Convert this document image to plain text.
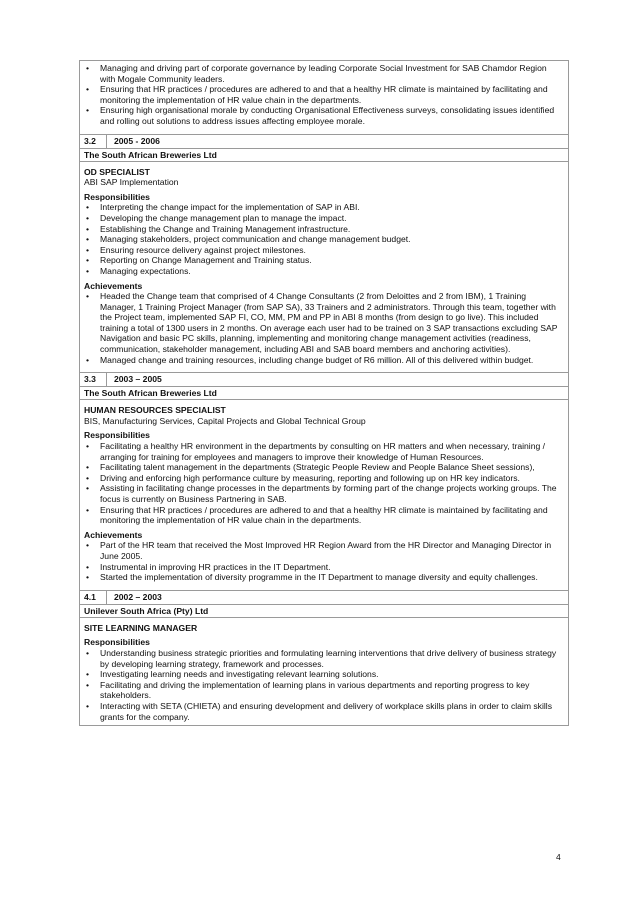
• Managing and driving part of corporate governance by leading Corporate Social Investment for SAB Chamdor Region with Mogale Community leaders.
• Ensuring that HR practices / procedures are adhered to and that a healthy HR climate is maintained by facilitating and monitoring the implementation of HR value chain in the departments.
• Ensuring high organisational morale by conducting Organisational Effectiveness surveys, consolidating issues identified and rolling out solutions to address issues affecting employee morale.
3.2	2005 - 2006
The South African Breweries Ltd
OD SPECIALIST
ABI SAP Implementation
Responsibilities
• Interpreting the change impact for the implementation of SAP in ABI.
• Developing the change management plan to manage the impact.
• Establishing the Change and Training Management infrastructure.
• Managing stakeholders, project communication and change management budget.
• Ensuring resource delivery against project milestones.
• Reporting on Change Management and Training status.
• Managing expectations.
Achievements
• Headed the Change team that comprised of 4 Change Consultants (2 from Deloittes and 2 from IBM), 1 Training Manager, 1 Training Project Manager (from SAP SA), 33 Trainers and 2 administrators. Through this team, together with the Project team, implemented SAP FI, CO, MM, PM and PP in ABI 8 months (from design to go live). This included training a total of 1300 users in 2 months. On average each user had to be trained on 3 SAP transactions excluding SAP Navigation and basic PC skills, planning, implementing and monitoring change management activities (readiness, communication, stakeholder management, including ABI and SAB board members and anchoring activities).
• Managed change and training resources, including change budget of R6 million. All of this delivered within budget.
3.3	2003 – 2005
The South African Breweries Ltd
HUMAN RESOURCES SPECIALIST
BIS, Manufacturing Services, Capital Projects and Global Technical Group
Responsibilities
• Facilitating a healthy HR environment in the departments by consulting on HR matters and when necessary, training / arranging for training for employees and managers to improve their knowledge of Human Resources.
• Facilitating talent management in the departments (Strategic People Review and People Balance Sheet sessions),
• Driving and enforcing high performance culture by measuring, reporting and following up on HR key indicators.
• Assisting in facilitating change processes in the departments by forming part of the change projects working groups. The focus is currently on Business Partnering in SAB.
• Ensuring that HR practices / procedures are adhered to and that a healthy HR climate is maintained by facilitating and monitoring the implementation of HR value chain in the departments.
Achievements
• Part of the HR team that received the Most Improved HR Region Award from the HR Director and Managing Director in June 2005.
• Instrumental in improving HR practices in the IT Department.
• Started the implementation of diversity programme in the IT Department to manage diversity and equity challenges.
4.1	2002 – 2003
Unilever South Africa (Pty) Ltd
SITE LEARNING MANAGER
Responsibilities
• Understanding business strategic priorities and formulating learning interventions that drive delivery of business strategy by developing learning strategy, framework and processes.
• Investigating learning needs and investigating relevant learning solutions.
• Facilitating and driving the implementation of learning plans in various departments and reporting progress to key stakeholders.
• Interacting with SETA (CHIETA) and ensuring development and delivery of workplace skills plans in order to claim skills grants for the company.
4
